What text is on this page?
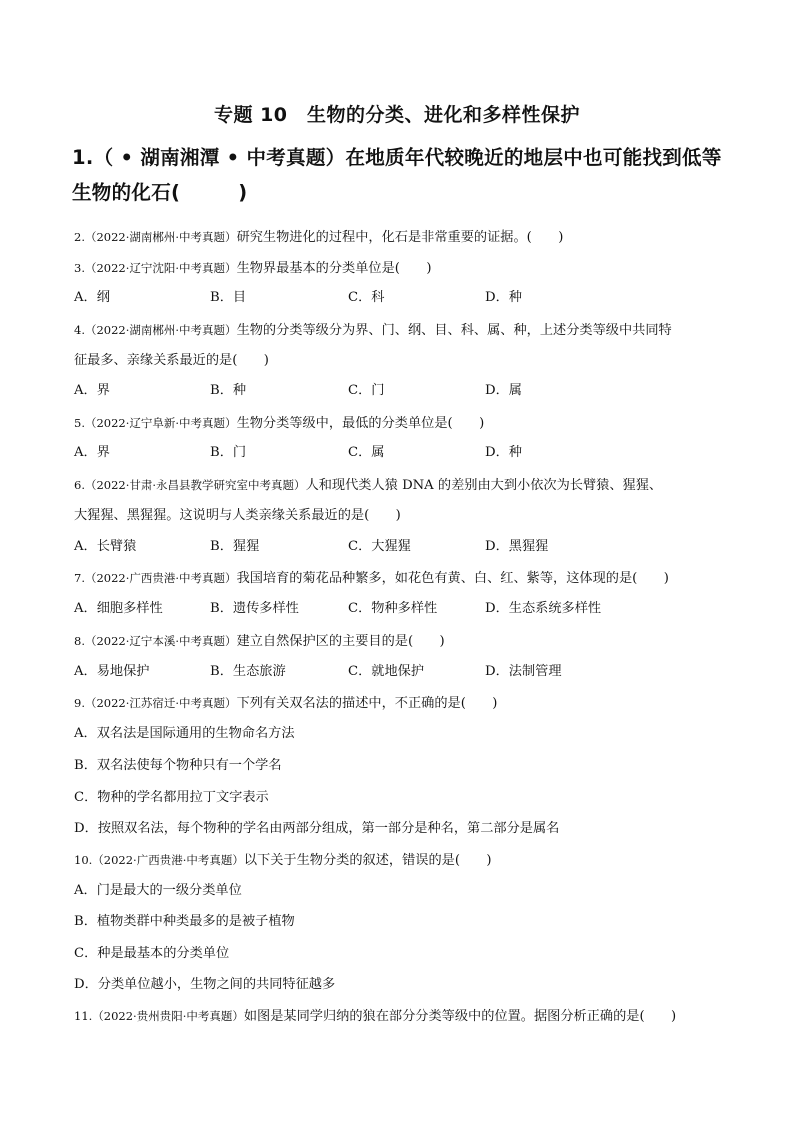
专题 10　生物的分类、进化和多样性保护
1.（ • 湖南湘潭 • 中考真题）在地质年代较晚近的地层中也可能找到低等生物的化石(	)
2.（2022·湖南郴州·中考真题）研究生物进化的过程中，化石是非常重要的证据。(　　)
3.（2022·辽宁沈阳·中考真题）生物界最基本的分类单位是(　　)
A．纲	B．目	C．科	D．种
4.（2022·湖南郴州·中考真题）生物的分类等级分为界、门、纲、目、科、属、种，上述分类等级中共同特
征最多、亲缘关系最近的是(　　)
A．界	B．种	C．门	D．属
5.（2022·辽宁阜新·中考真题）生物分类等级中，最低的分类单位是(　　)
A．界	B．门	C．属	D．种
6.（2022·甘肃·永昌县教学研究室中考真题）人和现代类人猿 DNA 的差别由大到小依次为长臂猿、猩猩、
大猩猩、黑猩猩。这说明与人类亲缘关系最近的是(　　)
A．长臂猿	B．猩猩	C．大猩猩	D．黑猩猩
7.（2022·广西贵港·中考真题）我国培育的菊花品种繁多，如花色有黄、白、红、紫等，这体现的是(　　)
A．细胞多样性	B．遗传多样性	C．物种多样性	D．生态系统多样性
8.（2022·辽宁本溪·中考真题）建立自然保护区的主要目的是(　　)
A．易地保护	B．生态旅游	C．就地保护	D．法制管理
9.（2022·江苏宿迁·中考真题）下列有关双名法的描述中，不正确的是(　　)
A．双名法是国际通用的生物命名方法
B．双名法使每个物种只有一个学名
C．物种的学名都用拉丁文字表示
D．按照双名法，每个物种的学名由两部分组成，第一部分是种名，第二部分是属名
10.（2022·广西贵港·中考真题）以下关于生物分类的叙述，错误的是(　　)
A．门是最大的一级分类单位
B．植物类群中种类最多的是被子植物
C．种是最基本的分类单位
D．分类单位越小，生物之间的共同特征越多
11.（2022·贵州贵阳·中考真题）如图是某同学归纳的狼在部分分类等级中的位置。据图分析正确的是(　　)
